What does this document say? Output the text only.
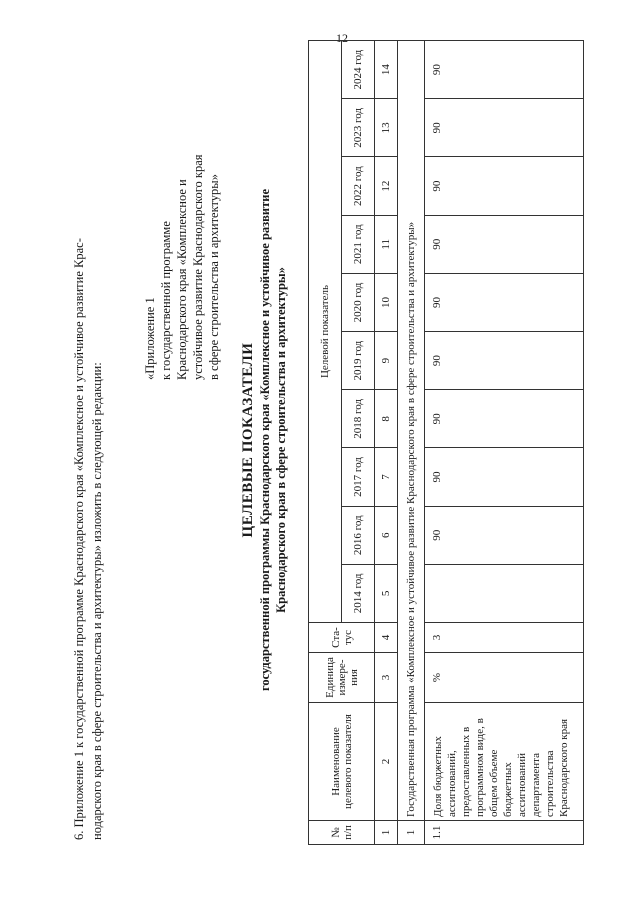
12

6. Приложение 1 к государственной программе Краснодарского края «Комплексное и устойчивое развитие Крас- нодарского края в сфере строительства и архитектуры» изложить в следующей редакции:

«Приложение 1 к государственной программе Краснодарского края «Комплексное и устойчивое развитие Краснодарского края в сфере строительства и архитектуры»

ЦЕЛЕВЫЕ ПОКАЗАТЕЛИ государственной программы Краснодарского края «Комплексное и устойчивое развитие Краснодарского края в сфере строительства и архитектуры»
№ п/п	Наименование целевого показателя	Единица измере-ния	Ста-тус	Целевой показатель									
				2014 год	2016 год	2017 год	2018 год	2019 год	2020 год	2021 год	2022 год	2023 год	2024 год
1	2	3	4	5	6	7	8	9	10	11	12	13	14
1	Государственная программа «Комплексное и устойчивое развитие Краснодарского края в сфере строительства и архитектуры»												
1.1	Доля бюджетных ассигнований, предоставленных в программном виде, в общем объеме бюджетных ассигнований департамента строительства Краснодарского края	%	3		90	90	90	90	90	90	90	90	90
